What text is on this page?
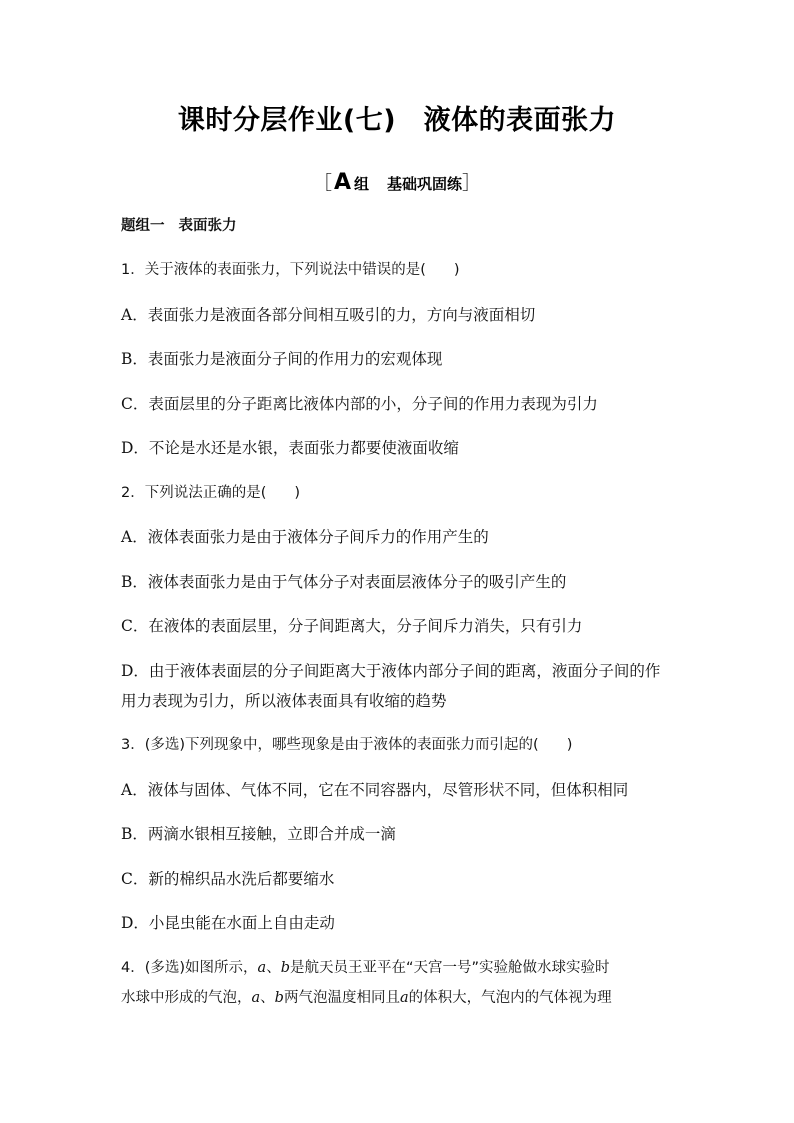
课时分层作业(七)　液体的表面张力
［A 组 基础巩固练］
题组一 表面张力
1．关于液体的表面张力，下列说法中错误的是( )
A．表面张力是液面各部分间相互吸引的力，方向与液面相切
B．表面张力是液面分子间的作用力的宏观体现
C．表面层里的分子距离比液体内部的小，分子间的作用力表现为引力
D．不论是水还是水银，表面张力都要使液面收缩
2．下列说法正确的是( )
A．液体表面张力是由于液体分子间斥力的作用产生的
B．液体表面张力是由于气体分子对表面层液体分子的吸引产生的
C．在液体的表面层里，分子间距离大，分子间斥力消失，只有引力
D．由于液体表面层的分子间距离大于液体内部分子间的距离，液面分子间的作
用力表现为引力，所以液体表面具有收缩的趋势
3．(多选)下列现象中，哪些现象是由于液体的表面张力而引起的( )
A．液体与固体、气体不同，它在不同容器内，尽管形状不同，但体积相同
B．两滴水银相互接触，立即合并成一滴
C．新的棉织品水洗后都要缩水
D．小昆虫能在水面上自由走动
4．(多选)如图所示，a、b是航天员王亚平在“天宫一号”实验舱做水球实验时
水球中形成的气泡，a、b两气泡温度相同且a的体积大，气泡内的气体视为理
